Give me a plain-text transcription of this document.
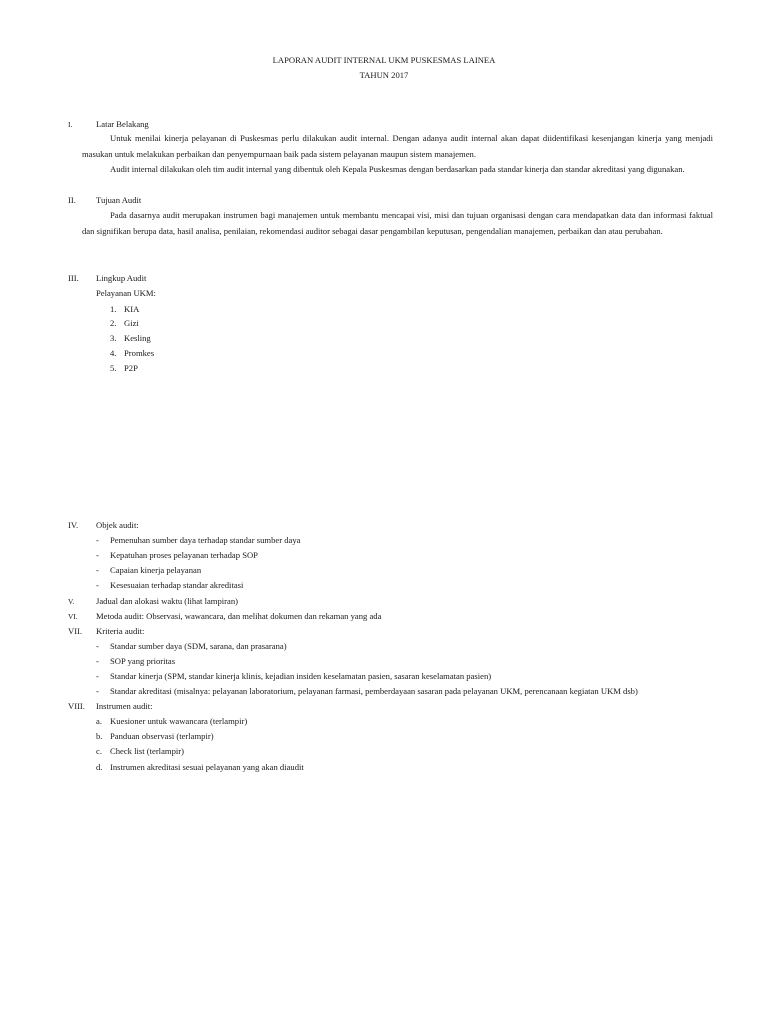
LAPORAN AUDIT INTERNAL UKM PUSKESMAS LAINEA
TAHUN 2017
I.	Latar Belakang
Untuk menilai kinerja pelayanan di Puskesmas perlu dilakukan audit internal. Dengan adanya audit internal akan dapat diidentifikasi kesenjangan kinerja yang menjadi masukan untuk melakukan perbaikan dan penyempurnaan baik pada sistem pelayanan maupun sistem manajemen.
Audit internal dilakukan oleh tim audit internal yang dibentuk oleh Kepala Puskesmas dengan berdasarkan pada standar kinerja dan standar akreditasi yang digunakan.
II. Tujuan Audit
Pada dasarnya audit merupakan instrumen bagi manajemen untuk membantu mencapai visi, misi dan tujuan organisasi dengan cara mendapatkan data dan informasi faktual dan signifikan berupa data, hasil analisa, penilaian, rekomendasi auditor sebagai dasar pengambilan keputusan, pengendalian manajemen, perbaikan dan atau perubahan.
III. Lingkup Audit
Pelayanan UKM:
1. KIA
2. Gizi
3. Kesling
4. Promkes
5. P2P
IV. Objek audit:
- Pemenuhan sumber daya terhadap standar sumber daya
- Kepatuhan proses pelayanan terhadap SOP
- Capaian kinerja pelayanan
- Kesesuaian terhadap standar akreditasi
V.	Jadual dan alokasi waktu (lihat lampiran)
VI. Metoda audit: Observasi, wawancara, dan melihat dokumen dan rekaman yang ada
VII. Kriteria audit:
- Standar sumber daya (SDM, sarana, dan prasarana)
- SOP yang prioritas
- Standar kinerja (SPM, standar kinerja klinis, kejadian insiden keselamatan pasien, sasaran keselamatan pasien)
- Standar akreditasi (misalnya: pelayanan laboratorium, pelayanan farmasi, pemberdayaan sasaran pada pelayanan UKM, perencanaan kegiatan UKM dsb)
VIII. Instrumen audit:
a. Kuesioner untuk wawancara (terlampir)
b. Panduan observasi (terlampir)
c. Check list (terlampir)
d. Instrumen akreditasi sesuai pelayanan yang akan diaudit
